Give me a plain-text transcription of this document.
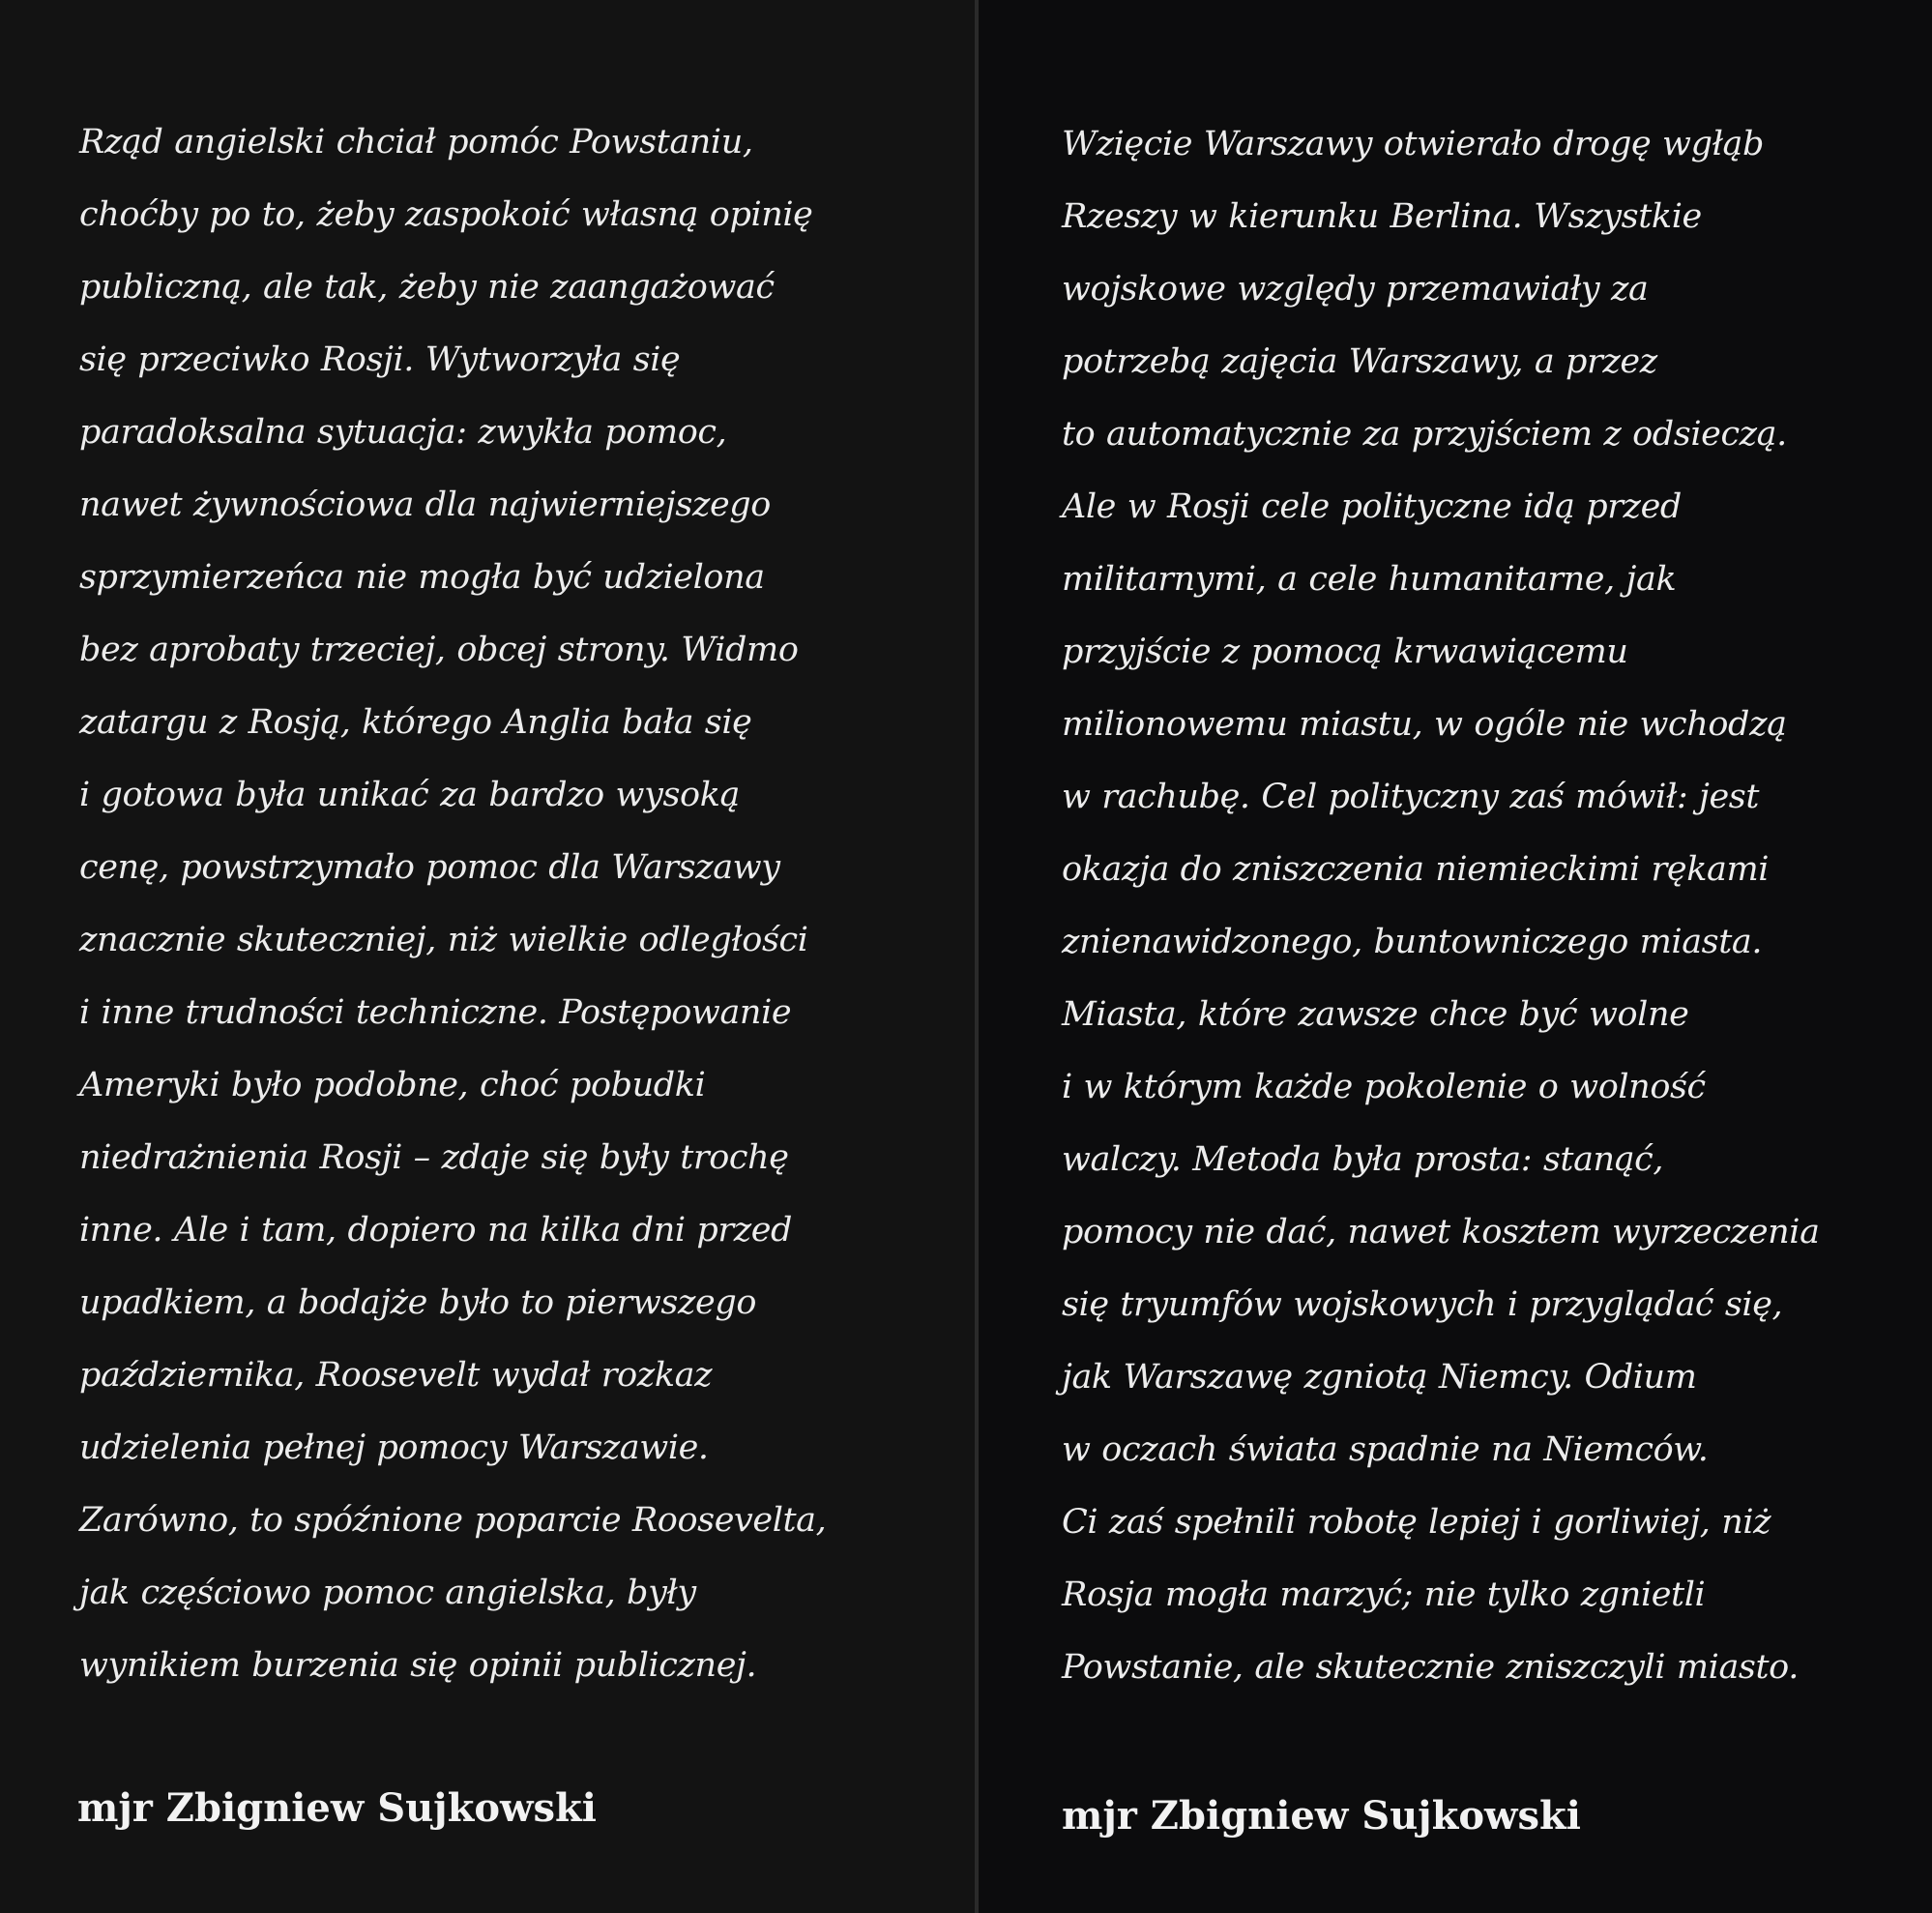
Rząd angielski chciał pomóc Powstaniu,
choćby po to, żeby zaspokoić własną opinię
publiczną, ale tak, żeby nie zaangażować
się przeciwko Rosji. Wytworzyła się
paradoksalna sytuacja: zwykła pomoc,
nawet żywnościowa dla najwierniejszego
sprzymierzeńca nie mogła być udzielona
bez aprobaty trzeciej, obcej strony. Widmo
zatargu z Rosją, którego Anglia bała się
i gotowa była unikać za bardzo wysoką
cenę, powstrzymało pomoc dla Warszawy
znacznie skuteczniej, niż wielkie odległości
i inne trudności techniczne. Postępowanie
Ameryki było podobne, choć pobudki
niedrażnienia Rosji – zdaje się były trochę
inne. Ale i tam, dopiero na kilka dni przed
upadkiem, a bodajże było to pierwszego
października, Roosevelt wydał rozkaz
udzielenia pełnej pomocy Warszawie.
Zarówno, to spóźnione poparcie Roosevelta,
jak częściowo pomoc angielska, były
wynikiem burzenia się opinii publicznej.

mjr Zbigniew Sujkowski

Wzięcie Warszawy otwierało drogę wgłąb
Rzeszy w kierunku Berlina. Wszystkie
wojskowe względy przemawiały za
potrzebą zajęcia Warszawy, a przez
to automatycznie za przyjściem z odsieczą.
Ale w Rosji cele polityczne idą przed
militarnymi, a cele humanitarne, jak
przyjście z pomocą krwawiącemu
milionowemu miastu, w ogóle nie wchodzą
w rachubę. Cel polityczny zaś mówił: jest
okazja do zniszczenia niemieckimi rękami
znienawidzonego, buntowniczego miasta.
Miasta, które zawsze chce być wolne
i w którym każde pokolenie o wolność
walczy. Metoda była prosta: stanąć,
pomocy nie dać, nawet kosztem wyrzeczenia
się tryumfów wojskowych i przyglądać się,
jak Warszawę zgniotą Niemcy. Odium
w oczach świata spadnie na Niemców.
Ci zaś spełnili robotę lepiej i gorliwiej, niż
Rosja mogła marzyć; nie tylko zgnietli
Powstanie, ale skutecznie zniszczyli miasto.

mjr Zbigniew Sujkowski
